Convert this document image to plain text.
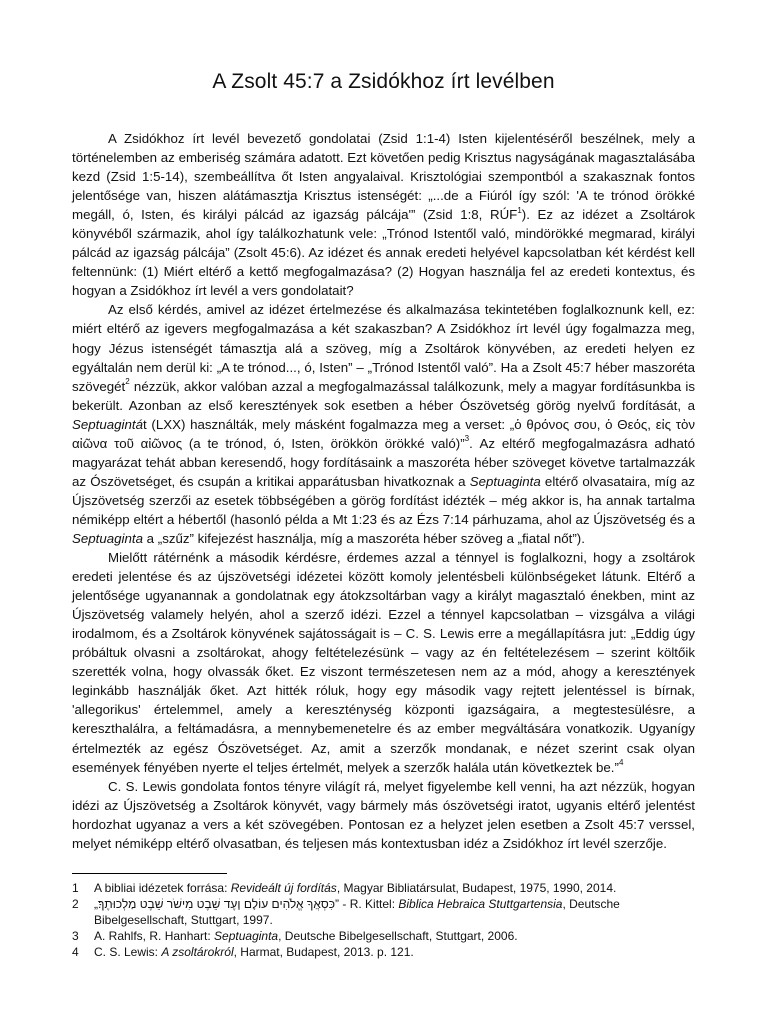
A Zsolt 45:7 a Zsidókhoz írt levélben

A Zsidókhoz írt levél bevezető gondolatai (Zsid 1:1-4) Isten kijelentéséről beszélnek, mely a történelemben az emberiség számára adatott. Ezt követően pedig Krisztus nagyságának magasztalásába kezd (Zsid 1:5-14), szembeállítva őt Isten angyalaival. Krisztológiai szempontból a szakasznak fontos jelentősége van, hiszen alátámasztja Krisztus istenségét: „...de a Fiúról így szól: 'A te trónod örökké megáll, ó, Isten, és királyi pálcád az igazság pálcája'” (Zsid 1:8, RÚF$^1$). Ez az idézet a Zsoltárok könyvéből származik, ahol így találkozhatunk vele: „Trónod Istentől való, mindörökké megmarad, királyi pálcád az igazság pálcája” (Zsolt 45:6). Az idézet és annak eredeti helyével kapcsolatban két kérdést kell feltennünk: (1) Miért eltérő a kettő megfogalmazása? (2) Hogyan használja fel az eredeti kontextus, és hogyan a Zsidókhoz írt levél a vers gondolatait?

Az első kérdés, amivel az idézet értelmezése és alkalmazása tekintetében foglalkoznunk kell, ez: miért eltérő az igevers megfogalmazása a két szakaszban? A Zsidókhoz írt levél úgy fogalmazza meg, hogy Jézus istenségét támasztja alá a szöveg, míg a Zsoltárok könyvében, az eredeti helyen ez egyáltalán nem derül ki: „A te trónod..., ó, Isten” – „Trónod Istentől való”. Ha a Zsolt 45:7 héber maszoréta szövegét$^2$ nézzük, akkor valóban azzal a megfogalmazással találkozunk, mely a magyar fordításunkba is bekerült. Azonban az első keresztények sok esetben a héber Ószövetség görög nyelvű fordítását, a Septuagintát (LXX) használták, mely másként fogalmazza meg a verset: „ὁ θρόνος σου, ὁ Θεός, εἰς τὸν αἰῶνα τοῦ αἰῶνος (a te trónod, ó, Isten, örökkön örökké való)”$^3$. Az eltérő megfogalmazásra adható magyarázat tehát abban keresendő, hogy fordításaink a maszoréta héber szöveget követve tartalmazzák az Ószövetséget, és csupán a kritikai apparátusban hivatkoznak a Septuaginta eltérő olvasataira, míg az Újszövetség szerzői az esetek többségében a görög fordítást idézték – még akkor is, ha annak tartalma némiképp eltért a hébertől (hasonló példa a Mt 1:23 és az Ézs 7:14 párhuzama, ahol az Újszövetség és a Septuaginta a „szűz” kifejezést használja, míg a maszoréta héber szöveg a „fiatal nőt”).

Mielőtt rátérnénk a második kérdésre, érdemes azzal a ténnyel is foglalkozni, hogy a zsoltárok eredeti jelentése és az újszövetségi idézetei között komoly jelentésbeli különbségeket látunk. Eltérő a jelentősége ugyanannak a gondolatnak egy átokzsoltárban vagy a királyt magasztaló énekben, mint az Újszövetség valamely helyén, ahol a szerző idézi. Ezzel a ténnyel kapcsolatban – vizsgálva a világi irodalmom, és a Zsoltárok könyvének sajátosságait is – C. S. Lewis erre a megállapításra jut: „Eddig úgy próbáltuk olvasni a zsoltárokat, ahogy feltételezésünk – vagy az én feltételezésem – szerint költőik szerették volna, hogy olvassák őket. Ez viszont természetesen nem az a mód, ahogy a keresztények leginkább használják őket. Azt hitték róluk, hogy egy második vagy rejtett jelentéssel is bírnak, 'allegorikus' értelemmel, amely a kereszténység központi igazságaira, a megtestesülésre, a kereszthalálra, a feltámadásra, a mennybemenetelre és az ember megváltására vonatkozik. Ugyanígy értelmezték az egész Ószövetséget. Az, amit a szerzők mondanak, e nézet szerint csak olyan események fényében nyerte el teljes értelmét, melyek a szerzők halála után következtek be.”$^4$

C. S. Lewis gondolata fontos tényre világít rá, melyet figyelembe kell venni, ha azt nézzük, hogyan idézi az Újszövetség a Zsoltárok könyvét, vagy bármely más ószövetségi iratot, ugyanis eltérő jelentést hordozhat ugyanaz a vers a két szövegében. Pontosan ez a helyzet jelen esetben a Zsolt 45:7 verssel, melyet némiképp eltérő olvasatban, és teljesen más kontextusban idéz a Zsidókhoz írt levél szerzője.

1	A bibliai idézetek forrása: Revideált új fordítás, Magyar Bibliatársulat, Budapest, 1975, 1990, 2014.
2	„כִּסְאֲךָ אֱלֹהִים עוֹלָם וָעֶד שֵׁבֶט מִישֹׁר שֵׁבֶט מַלְכוּתֶךָ׃” - R. Kittel: Biblica Hebraica Stuttgartensia, Deutsche Bibelgesellschaft, Stuttgart, 1997.
3	A. Rahlfs, R. Hanhart: Septuaginta, Deutsche Bibelgesellschaft, Stuttgart, 2006.
4	C. S. Lewis: A zsoltárokról, Harmat, Budapest, 2013. p. 121.
